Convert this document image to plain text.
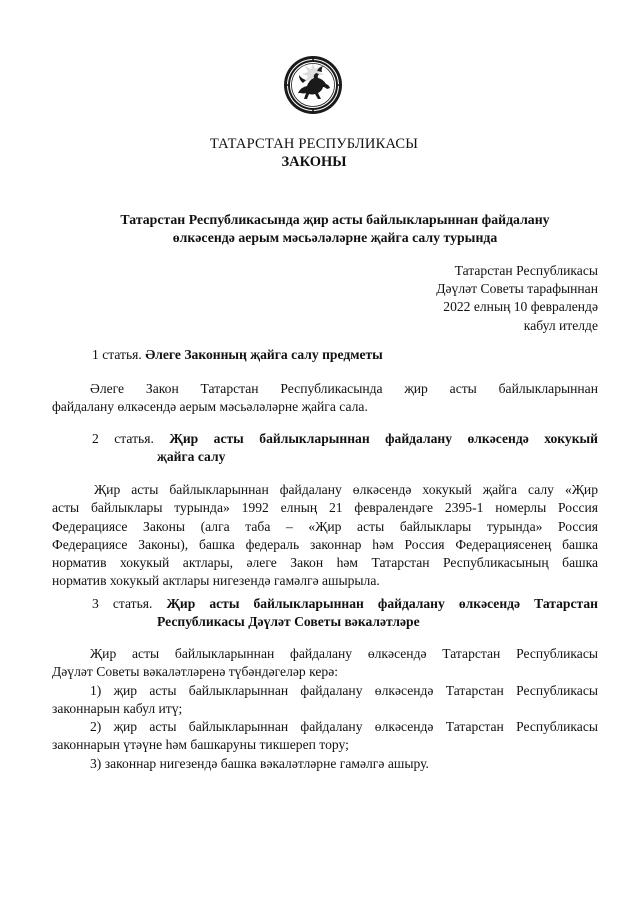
ТАТАРСТАН РЕСПУБЛИКАСЫ
ЗАКОНЫ
Татарстан Республикасында җир асты байлыкларыннан файдалану
өлкәсендә аерым мәсьәләләрне җайга салу турында
Татарстан Республикасы
Дәүләт Советы тарафыннан
2022 елның 10 февралендә
кабул ителде
1 статья. Әлеге Законның җайга салу предметы
Әлеге Закон Татарстан Республикасында җир асты байлыкларыннан
файдалану өлкәсендә аерым мәсьәләләрне җайга сала.
2 статья. Җир асты байлыкларыннан файдалану өлкәсендә хокукый
җайга салу
Җир асты байлыкларыннан файдалану өлкәсендә хокукый җайга салу «Җир
асты байлыклары турында» 1992 елның 21 февралендәге 2395-1 номерлы Россия
Федерациясе Законы (алга таба – «Җир асты байлыклары турында» Россия
Федерациясе Законы), башка федераль законнар һәм Россия Федерациясенең башка
норматив хокукый актлары, әлеге Закон һәм Татарстан Республикасының башка
норматив хокукый актлары нигезендә гамәлгә ашырыла.
3 статья. Җир асты байлыкларыннан файдалану өлкәсендә Татарстан
Республикасы Дәүләт Советы вәкаләтләре
Җир асты байлыкларыннан файдалану өлкәсендә Татарстан Республикасы
Дәүләт Советы вәкаләтләренә түбәндәгеләр керә:
1) җир асты байлыкларыннан файдалану өлкәсендә Татарстан Республикасы
законнарын кабул итү;
2) җир асты байлыкларыннан файдалану өлкәсендә Татарстан Республикасы
законнарын үтәүне һәм башкаруны тикшереп тору;
3) законнар нигезендә башка вәкаләтләрне гамәлгә ашыру.
